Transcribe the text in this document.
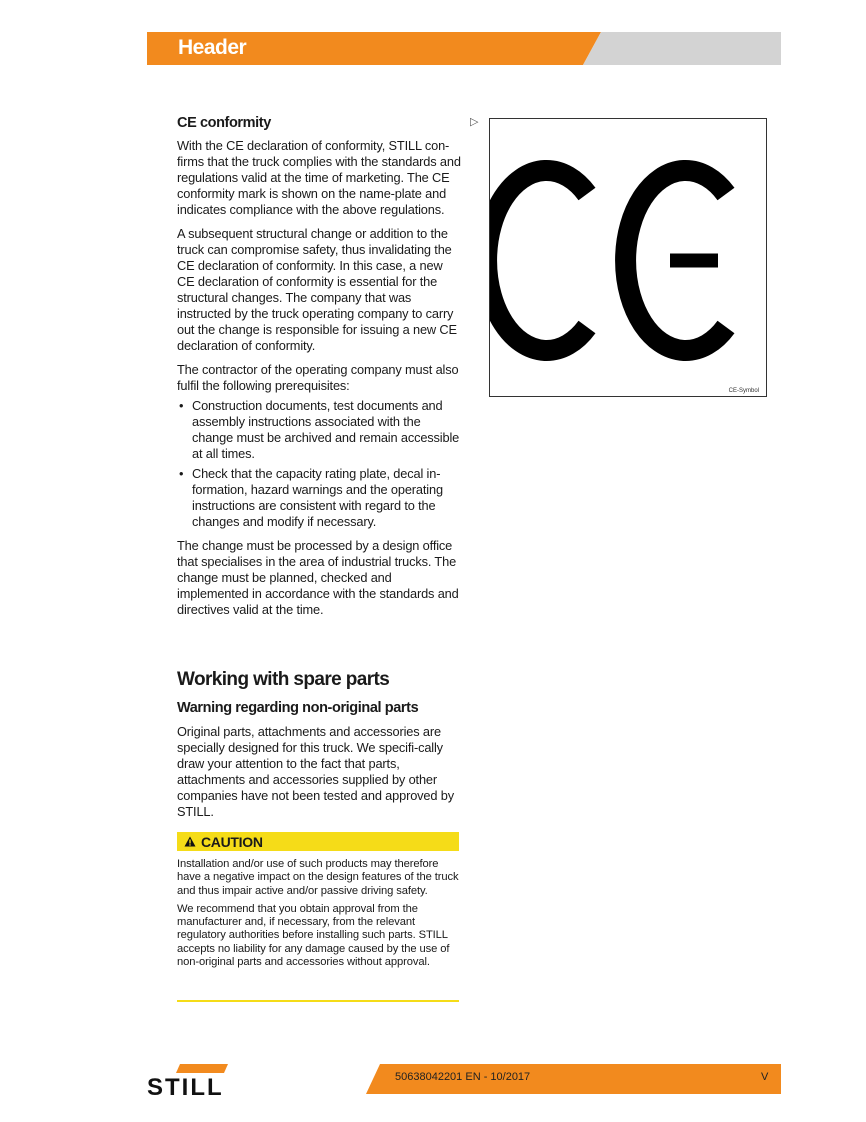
Header
CE conformity

With the CE declaration of conformity, STILL con-firms that the truck complies with the standards and regulations valid at the time of marketing. The CE conformity mark is shown on the name-plate and indicates compliance with the above regulations.

A subsequent structural change or addition to the truck can compromise safety, thus invalidating the CE declaration of conformity. In this case, a new CE declaration of conformity is essential for the structural changes. The company that was instructed by the truck operating company to carry out the change is responsible for issuing a new CE declaration of conformity.

The contractor of the operating company must also fulfil the following prerequisites:

• Construction documents, test documents and assembly instructions associated with the change must be archived and remain accessible at all times.
• Check that the capacity rating plate, decal in-formation, hazard warnings and the operating instructions are consistent with regard to the changes and modify if necessary.

The change must be processed by a design office that specialises in the area of industrial trucks. The change must be planned, checked and implemented in accordance with the standards and directives valid at the time.

▷
CE-Symbol
Working with spare parts
Warning regarding non-original parts

Original parts, attachments and accessories are specially designed for this truck. We specifi-cally draw your attention to the fact that parts, attachments and accessories supplied by other companies have not been tested and approved by STILL.

CAUTION

Installation and/or use of such products may therefore have a negative impact on the design features of the truck and thus impair active and/or passive driving safety.

We recommend that you obtain approval from the manufacturer and, if necessary, from the relevant regulatory authorities before installing such parts. STILL accepts no liability for any damage caused by the use of non-original parts and accessories without approval.

STILL	50638042201 EN - 10/2017	V
